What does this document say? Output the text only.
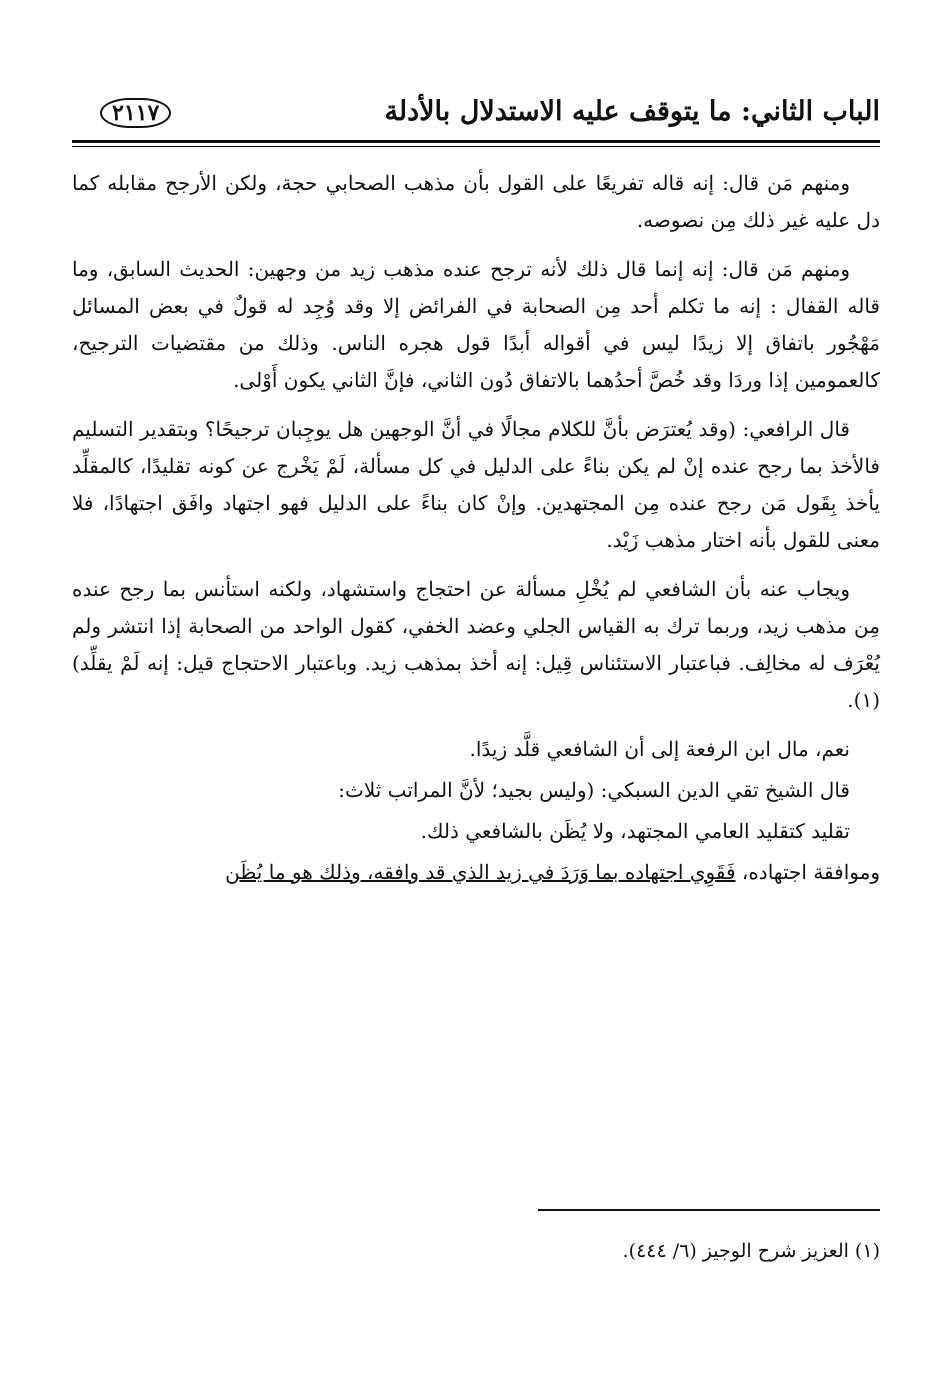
الباب الثاني: ما يتوقف عليه الاستدلال بالأدلة
٢١١٧

ومنهم مَن قال: إنه قاله تفريعًا على القول بأن مذهب الصحابي حجة، ولكن الأرجح مقابله كما دل عليه غير ذلك مِن نصوصه.

ومنهم مَن قال: إنه إنما قال ذلك لأنه ترجح عنده مذهب زيد من وجهين: الحديث السابق، وما قاله القفال : إنه ما تكلم أحد مِن الصحابة في الفرائض إلا وقد وُجِد له قولٌ في بعض المسائل مَهْجُور باتفاق إلا زيدًا ليس في أقواله أبدًا قول هجره الناس. وذلك من مقتضيات الترجيح، كالعمومين إذا وردَا وقد خُصَّ أحدُهما بالاتفاق دُون الثاني، فإنَّ الثاني يكون أَوْلى.

قال الرافعي: (وقد يُعترَض بأنَّ للكلام مجالًا في أنَّ الوجهين هل يوجِبان ترجيحًا؟ وبتقدير التسليم فالأخذ بما رجح عنده إنْ لم يكن بناءً على الدليل في كل مسألة، لَمْ يَخْرج عن كونه تقليدًا، كالمقلِّد يأخذ بِقَول مَن رجح عنده مِن المجتهدين. وإنْ كان بناءً على الدليل فهو اجتهاد وافَق اجتهادًا، فلا معنى للقول بأنه اختار مذهب زَيْد.

ويجاب عنه بأن الشافعي لم يُخْلِ مسألة عن احتجاج واستشهاد، ولكنه استأنس بما رجح عنده مِن مذهب زيد، وربما ترك به القياس الجلي وعضد الخفي، كقول الواحد من الصحابة إذا انتشر ولم يُعْرَف له مخالِف. فباعتبار الاستئناس قِيل: إنه أخذ بمذهب زيد. وباعتبار الاحتجاج قيل: إنه لَمْ يقلِّد)(١).

نعم، مال ابن الرفعة إلى أن الشافعي قلَّد زيدًا.

قال الشيخ تقي الدين السبكي: (وليس بجيد؛ لأنَّ المراتب ثلاث:

تقليد كتقليد العامي المجتهد، ولا يُظَن بالشافعي ذلك.

وموافقة اجتهاده، فَقَوِي اجتهاده بما وَرَدَ في زيد الذي قد وافقه، وذلك هو ما يُظَن

(١) العزيز شرح الوجيز (٦/ ٤٤٤).
